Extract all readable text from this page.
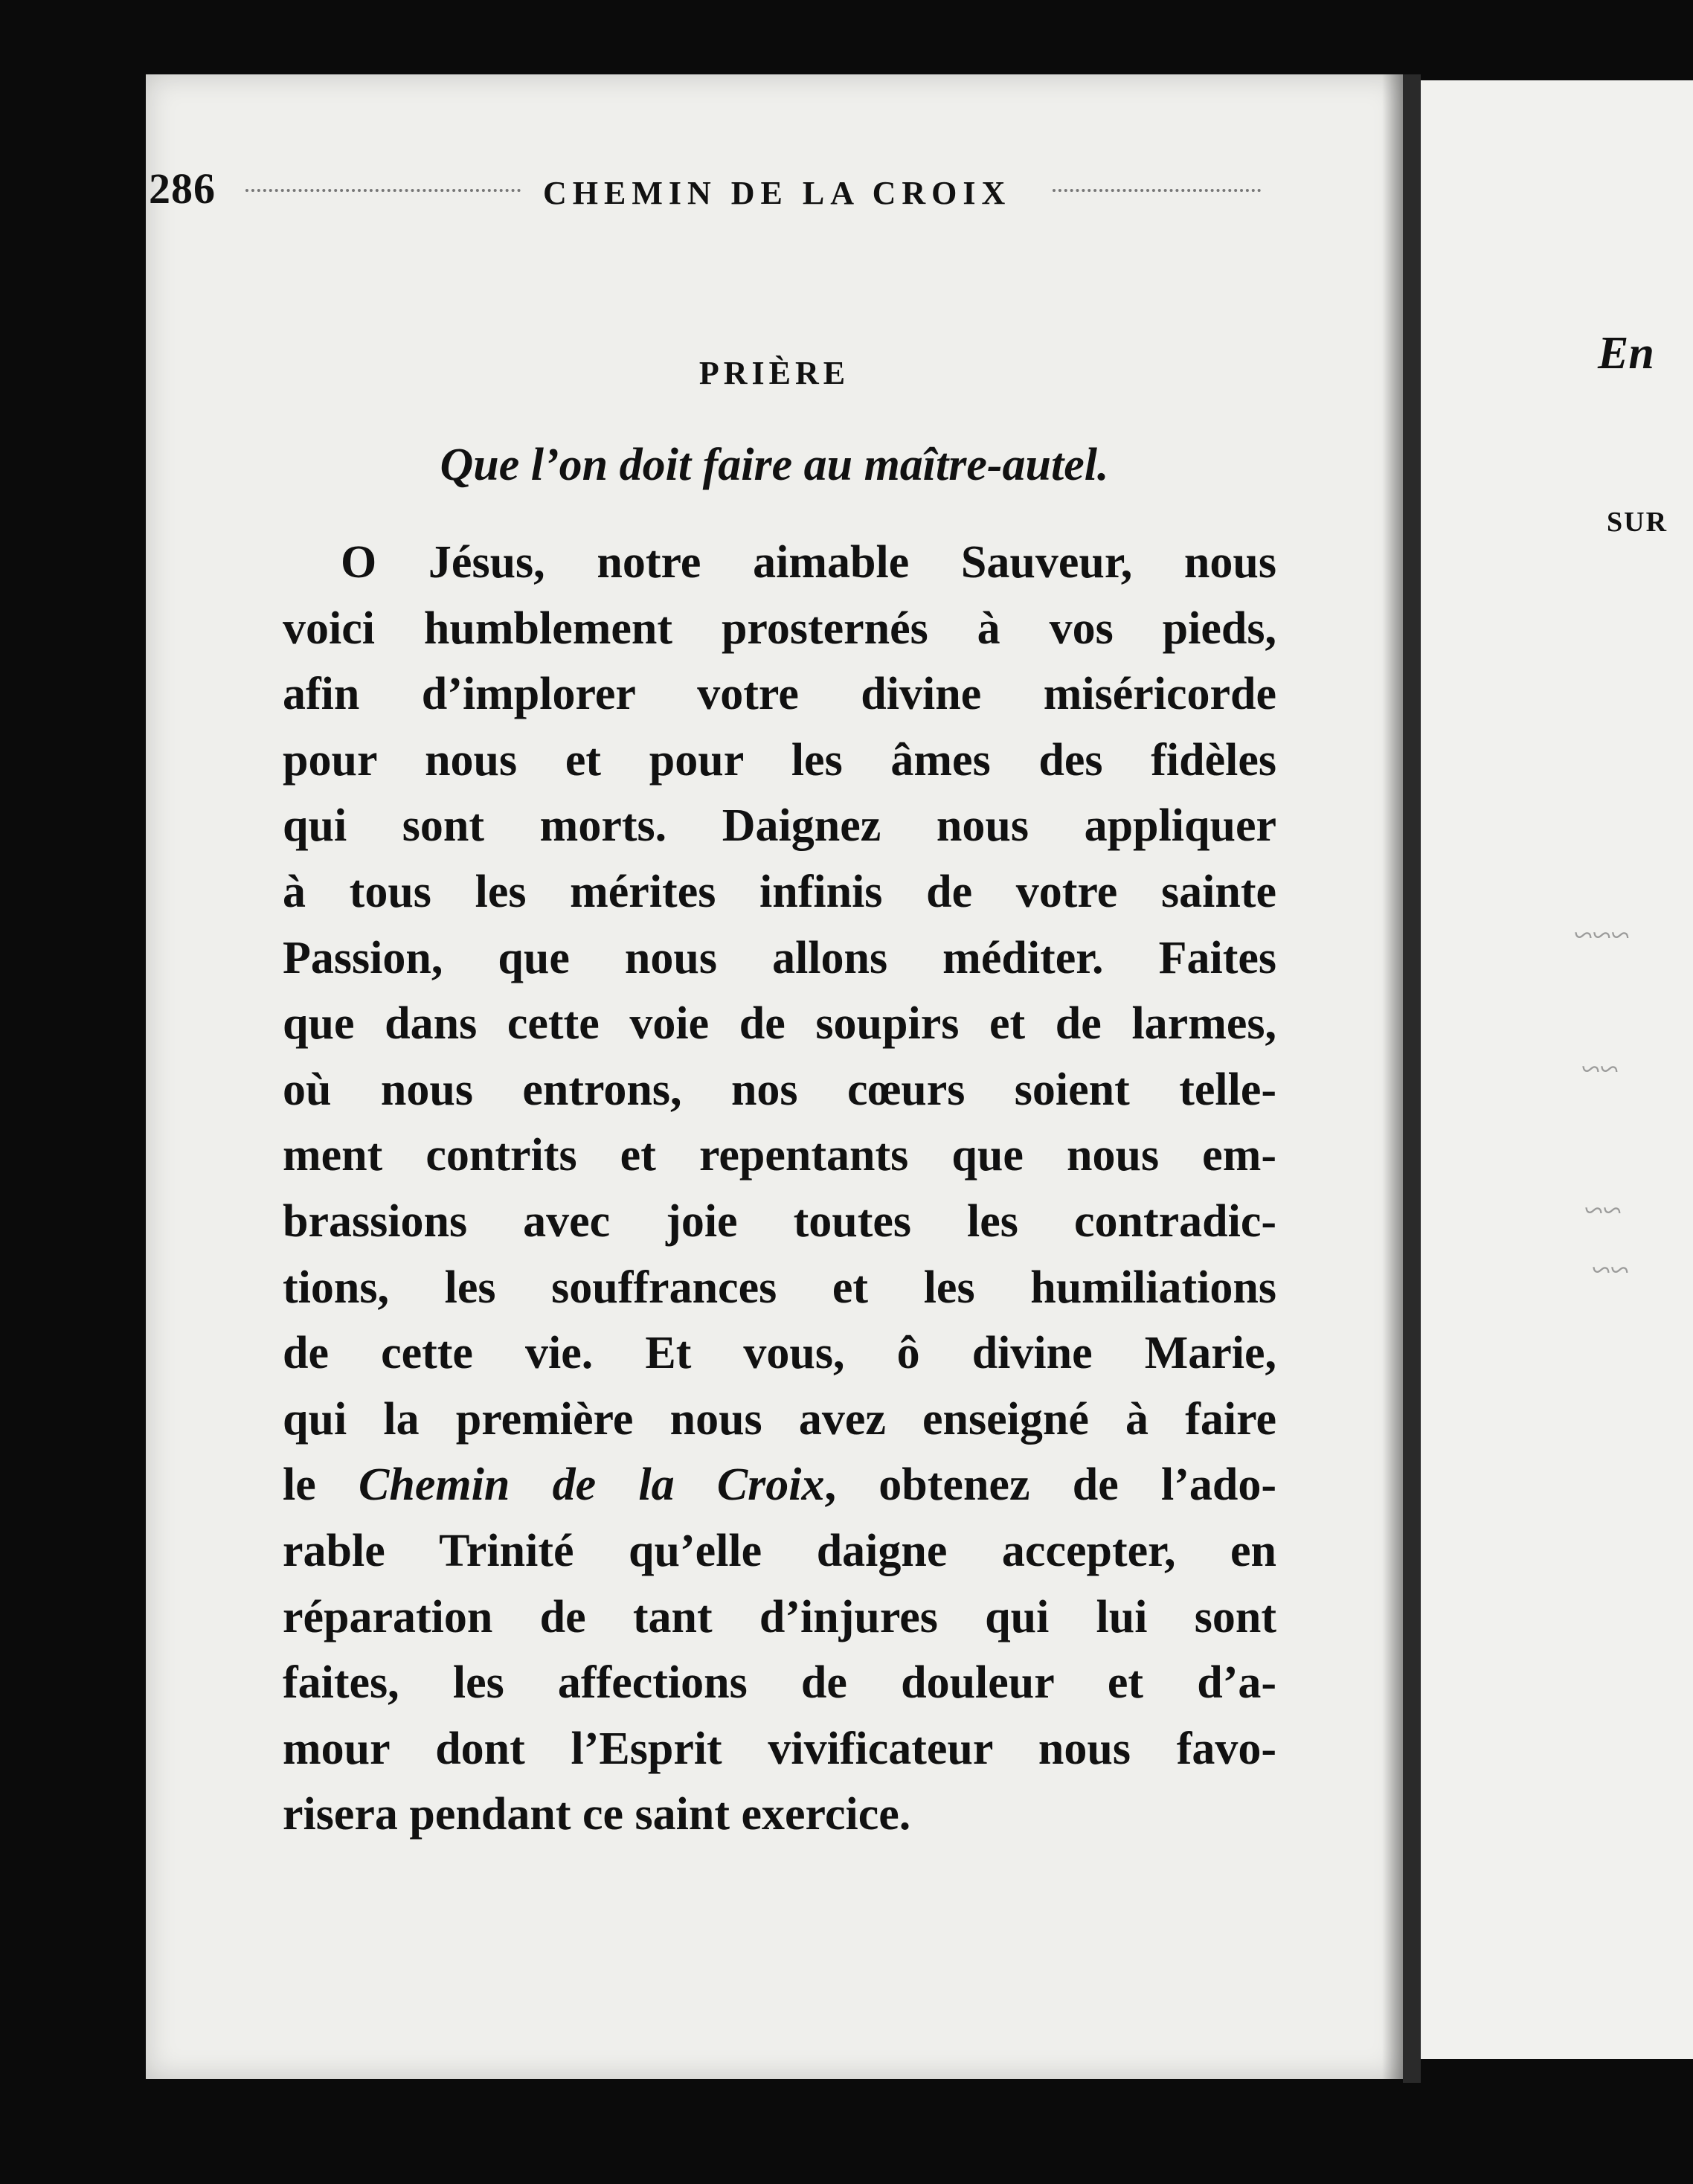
286	CHEMIN DE LA CROIX
PRIÈRE
Que l’on doit faire au maître-autel.
O Jésus, notre aimable Sauveur, nous
voici humblement prosternés à vos pieds,
afin d’implorer votre divine miséricorde
pour nous et pour les âmes des fidèles
qui sont morts. Daignez nous appliquer
à tous les mérites infinis de votre sainte
Passion, que nous allons méditer. Faites
que dans cette voie de soupirs et de larmes,
où nous entrons, nos cœurs soient telle-
ment contrits et repentants que nous em-
brassions avec joie toutes les contradic-
tions, les souffrances et les humiliations
de cette vie. Et vous, ô divine Marie,
qui la première nous avez enseigné à faire
le Chemin de la Croix, obtenez de l’ado-
rable Trinité qu’elle daigne accepter, en
réparation de tant d’injures qui lui sont
faites, les affections de douleur et d’a-
mour dont l’Esprit vivificateur nous favo-
risera pendant ce saint exercice.
En
SUR
~~~
~~
~~
~~
